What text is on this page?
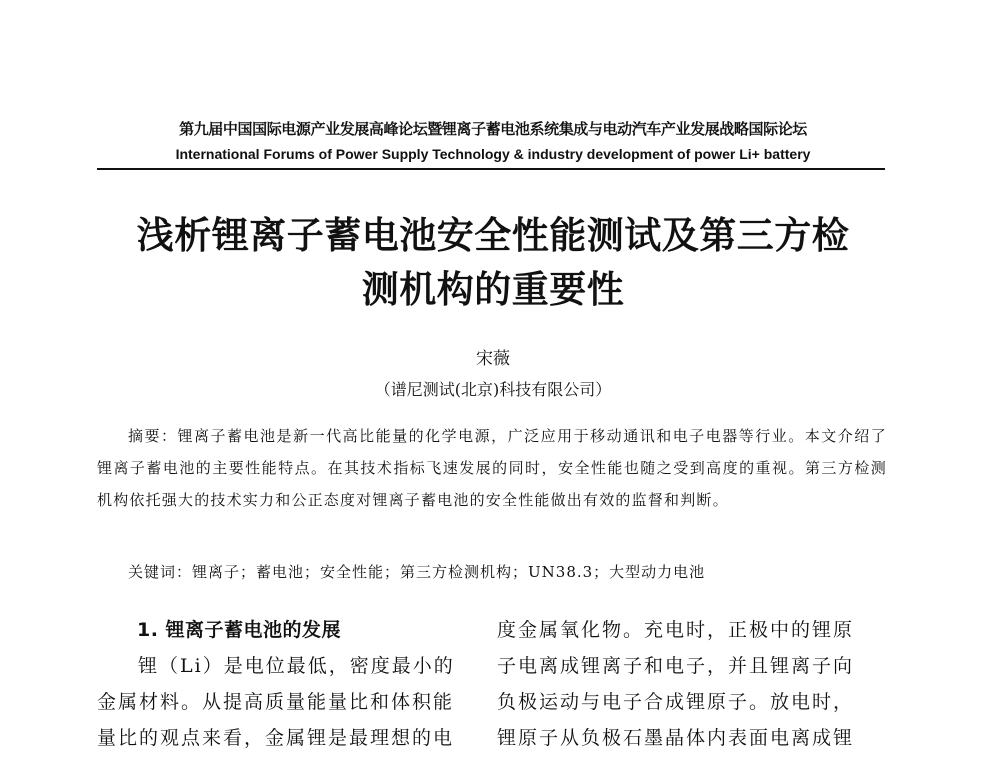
第九届中国国际电源产业发展高峰论坛暨锂离子蓄电池系统集成与电动汽车产业发展战略国际论坛
International Forums of Power Supply Technology & industry development of power Li+ battery
浅析锂离子蓄电池安全性能测试及第三方检
测机构的重要性
宋薇
（谱尼测试(北京)科技有限公司）
摘要：锂离子蓄电池是新一代高比能量的化学电源，广泛应用于移动通讯和电子电器等行业。本文介绍了锂离子蓄电池的主要性能特点。在其技术指标飞速发展的同时，安全性能也随之受到高度的重视。第三方检测机构依托强大的技术实力和公正态度对锂离子蓄电池的安全性能做出有效的监督和判断。
关键词：锂离子；蓄电池；安全性能；第三方检测机构；UN38.3；大型动力电池
1. 锂离子蓄电池的发展
锂（Li）是电位最低，密度最小的
金属材料。从提高质量能量比和体积能
量比的观点来看，金属锂是最理想的电
度金属氧化物。充电时，正极中的锂原
子电离成锂离子和电子，并且锂离子向
负极运动与电子合成锂原子。放电时，
锂原子从负极石墨晶体内表面电离成锂
